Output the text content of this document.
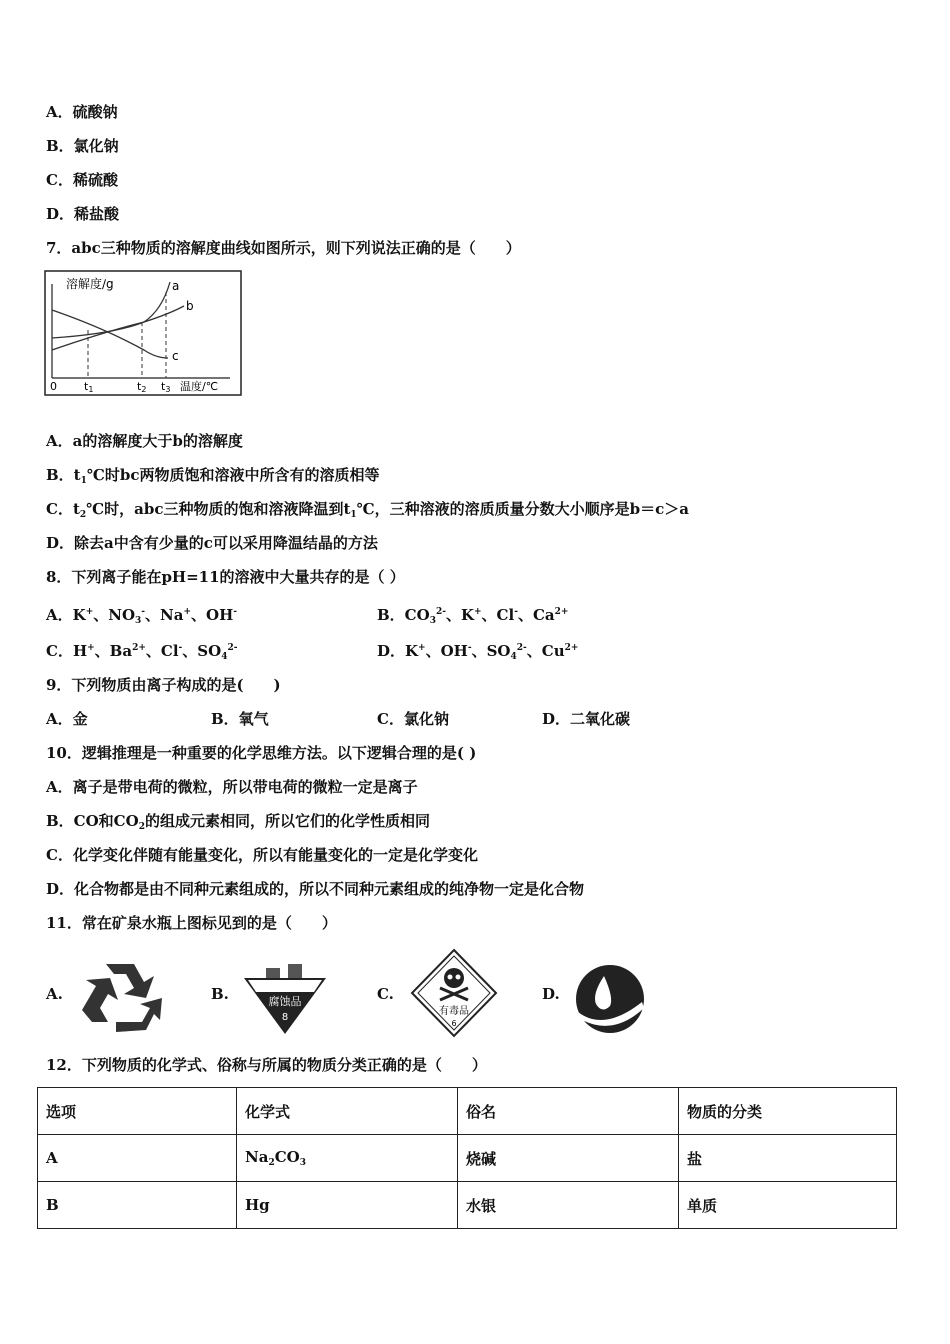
A．硫酸钠
B．氯化钠
C．稀硫酸
D．稀盐酸
7．abc三种物质的溶解度曲线如图所示，则下列说法正确的是（　　）
溶解度∕g	a
b
c
0 t1	t2 t3 温度∕℃
A．a的溶解度大于b的溶解度
B．$t_1℃$时bc两物质饱和溶液中所含有的溶质相等
C．$t_2℃$时，abc三种物质的饱和溶液降温到$t_1℃$，三种溶液的溶质质量分数大小顺序是b＝c＞a
D．除去a中含有少量的c可以采用降温结晶的方法
8．下列离子能在pH=11的溶液中大量共存的是（ ）
A．K+、$NO_3^-$、Na+、OH-	B．$CO_3^{2-}$、K+、Cl-、$Ca^{2+}$
C．H+、$Ba^{2+}$、Cl-、$SO_4^{2-}$	D．K+、OH-、$SO_4^{2-}$、$Cu^{2+}$
9．下列物质由离子构成的是(　　)
A．金	B．氧气	C．氯化钠	D．二氧化碳
10．逻辑推理是一种重要的化学思维方法。以下逻辑合理的是( )
A．离子是带电荷的微粒，所以带电荷的微粒一定是离子
B．CO和$CO_2$的组成元素相同，所以它们的化学性质相同
C．化学变化伴随有能量变化，所以有能量变化的一定是化学变化
D．化合物都是由不同种元素组成的，所以不同种元素组成的纯净物一定是化合物
11．常在矿泉水瓶上图标见到的是（　　）
A.	B.	腐蚀品
8
C.
有毒品
6
D.
12．下列物质的化学式、俗称与所属的物质分类正确的是（　　）
选项	化学式	俗名	物质的分类
A	$Na_2CO_3$	烧碱	盐
B	Hg	水银	单质
